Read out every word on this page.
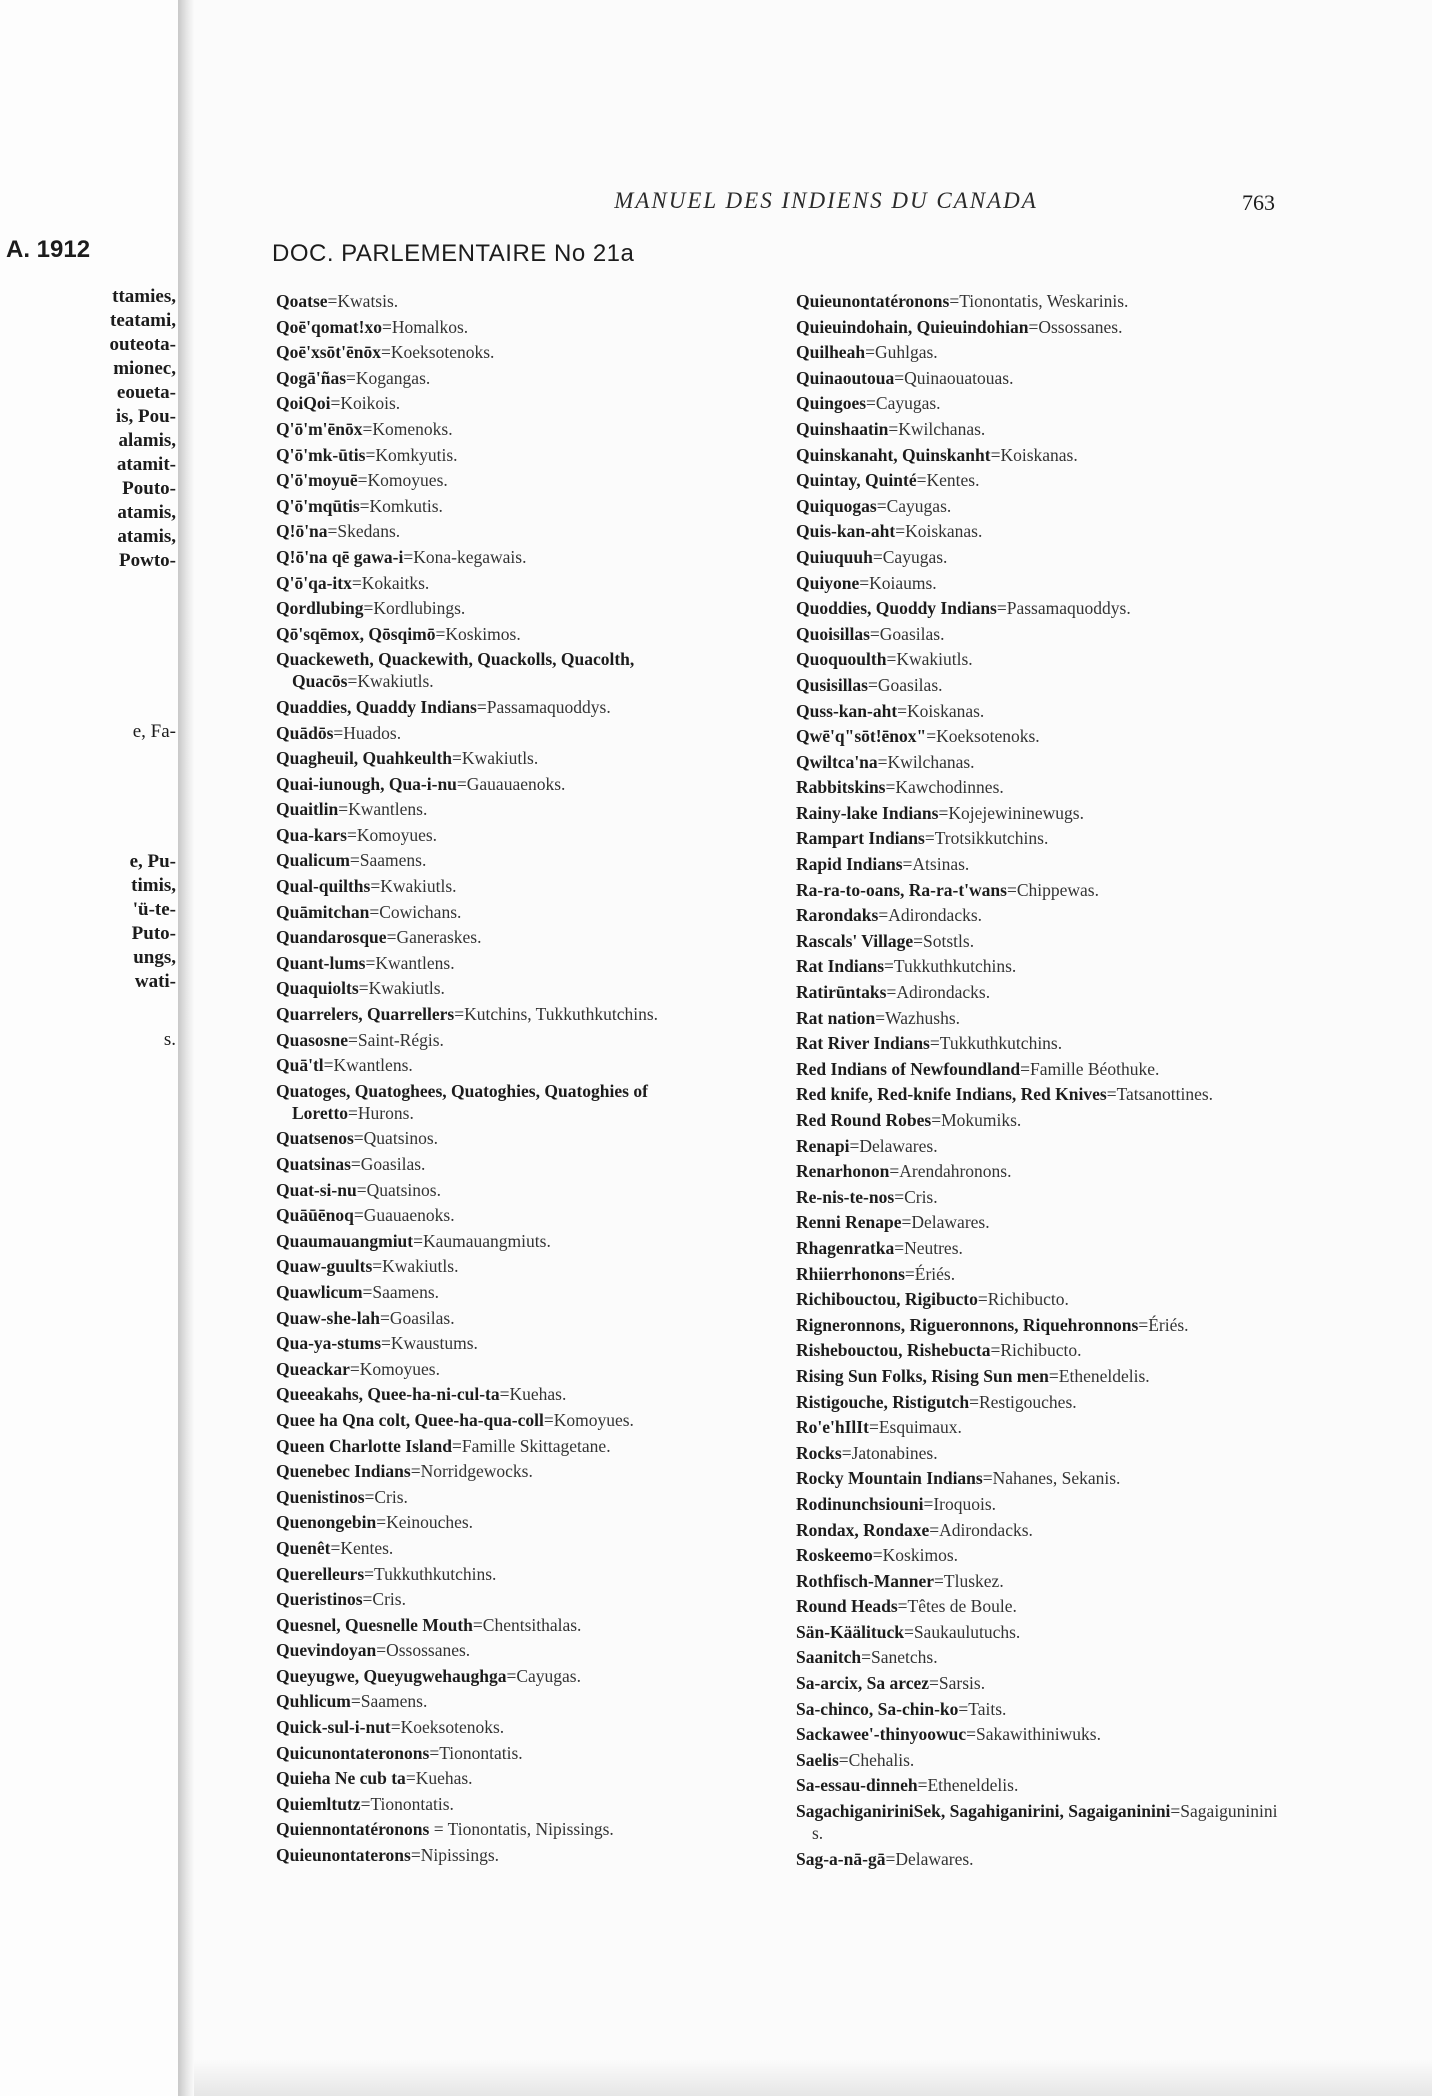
A. 1912
ttamies,
teatami,
outeota-
mionec,
eoueta-
is, Pou-
alamis,
atamit-
Pouto-
atamis,
atamis,
Powto-
e, Fa-
e, Pu-
timis,
'ü-te-
Puto-
ungs,
wati-
s.
MANUEL DES INDIENS DU CANADA	763
DOC. PARLEMENTAIRE No 21a
Qoatse=Kwatsis.
Qoē'qomat!xo=Homalkos.
Qoē'xsōt'ēnōx=Koeksotenoks.
Qogā'ñas=Kogangas.
QoiQoi=Koikois.
Q'ō'm'ēnōx=Komenoks.
Q'ō'mk-ūtis=Komkyutis.
Q'ō'moyuē=Komoyues.
Q'ō'mqūtis=Komkutis.
Q!ō'na=Skedans.
Q!ō'na qē gawa-i=Kona-kegawais.
Q'ō'qa-itx=Kokaitks.
Qordlubing=Kordlubings.
Qō'sqēmox, Qōsqimō=Koskimos.
Quackeweth, Quackewith, Quackolls, Quacolth, Quacōs=Kwakiutls.
Quaddies, Quaddy Indians=Passamaquoddys.
Quādōs=Huados.
Quagheuil, Quahkeulth=Kwakiutls.
Quai-iunough, Qua-i-nu=Gauauaenoks.
Quaitlin=Kwantlens.
Qua-kars=Komoyues.
Qualicum=Saamens.
Qual-quilths=Kwakiutls.
Quāmitchan=Cowichans.
Quandarosque=Ganeraskes.
Quant-lums=Kwantlens.
Quaquiolts=Kwakiutls.
Quarrelers, Quarrellers=Kutchins, Tukkuthkutchins.
Quasosne=Saint-Régis.
Quā'tl=Kwantlens.
Quatoges, Quatoghees, Quatoghies, Quatoghies of Loretto=Hurons.
Quatsenos=Quatsinos.
Quatsinas=Goasilas.
Quat-si-nu=Quatsinos.
Quāūēnoq=Guauaenoks.
Quaumauangmiut=Kaumauangmiuts.
Quaw-guults=Kwakiutls.
Quawlicum=Saamens.
Quaw-she-lah=Goasilas.
Qua-ya-stums=Kwaustums.
Queackar=Komoyues.
Queeakahs, Quee-ha-ni-cul-ta=Kuehas.
Quee ha Qna colt, Quee-ha-qua-coll=Komoyues.
Queen Charlotte Island=Famille Skittagetane.
Quenebec Indians=Norridgewocks.
Quenistinos=Cris.
Quenongebin=Keinouches.
Quenêt=Kentes.
Querelleurs=Tukkuthkutchins.
Queristinos=Cris.
Quesnel, Quesnelle Mouth=Chentsithalas.
Quevindoyan=Ossossanes.
Queyugwe, Queyugwehaughga=Cayugas.
Quhlicum=Saamens.
Quick-sul-i-nut=Koeksotenoks.
Quicunontateronons=Tionontatis.
Quieha Ne cub ta=Kuehas.
Quiemltutz=Tionontatis.
Quiennontatéronons = Tionontatis, Nipissings.
Quieunontaterons=Nipissings.
Quieunontatéronons=Tionontatis, Weskarinis.
Quieuindohain, Quieuindohian=Ossossanes.
Quilheah=Guhlgas.
Quinaoutoua=Quinaouatouas.
Quingoes=Cayugas.
Quinshaatin=Kwilchanas.
Quinskanaht, Quinskanht=Koiskanas.
Quintay, Quinté=Kentes.
Quiquogas=Cayugas.
Quis-kan-aht=Koiskanas.
Quiuquuh=Cayugas.
Quiyone=Koiaums.
Quoddies, Quoddy Indians=Passamaquoddys.
Quoisillas=Goasilas.
Quoquoulth=Kwakiutls.
Qusisillas=Goasilas.
Quss-kan-aht=Koiskanas.
Qwē'q"sōt!ēnox"=Koeksotenoks.
Qwiltca'na=Kwilchanas.
Rabbitskins=Kawchodinnes.
Rainy-lake Indians=Kojejewininewugs.
Rampart Indians=Trotsikkutchins.
Rapid Indians=Atsinas.
Ra-ra-to-oans, Ra-ra-t'wans=Chippewas.
Rarondaks=Adirondacks.
Rascals' Village=Sotstls.
Rat Indians=Tukkuthkutchins.
Ratirūntaks=Adirondacks.
Rat nation=Wazhushs.
Rat River Indians=Tukkuthkutchins.
Red Indians of Newfoundland=Famille Béothuke.
Red knife, Red-knife Indians, Red Knives=Tatsanottines.
Red Round Robes=Mokumiks.
Renapi=Delawares.
Renarhonon=Arendahronons.
Re-nis-te-nos=Cris.
Renni Renape=Delawares.
Rhagenratka=Neutres.
Rhiierrhonons=Ériés.
Richibouctou, Rigibucto=Richibucto.
Rigneronnons, Rigueronnons, Riquehronnons=Ériés.
Rishebouctou, Rishebucta=Richibucto.
Rising Sun Folks, Rising Sun men=Etheneldelis.
Ristigouche, Ristigutch=Restigouches.
Ro'e'hIlIt=Esquimaux.
Rocks=Jatonabines.
Rocky Mountain Indians=Nahanes, Sekanis.
Rodinunchsiouni=Iroquois.
Rondax, Rondaxe=Adirondacks.
Roskeemo=Koskimos.
Rothfisch-Manner=Tluskez.
Round Heads=Têtes de Boule.
Sän-Käälituck=Saukaulutuchs.
Saanitch=Sanetchs.
Sa-arcix, Sa arcez=Sarsis.
Sa-chinco, Sa-chin-ko=Taits.
Sackawee'-thinyoowuc=Sakawithiniwuks.
Saelis=Chehalis.
Sa-essau-dinneh=Etheneldelis.
SagachiganiriniSek, Sagahiganirini, Sagaiganinini=Sagaiguninini s.
Sag-a-nā-gā=Delawares.
